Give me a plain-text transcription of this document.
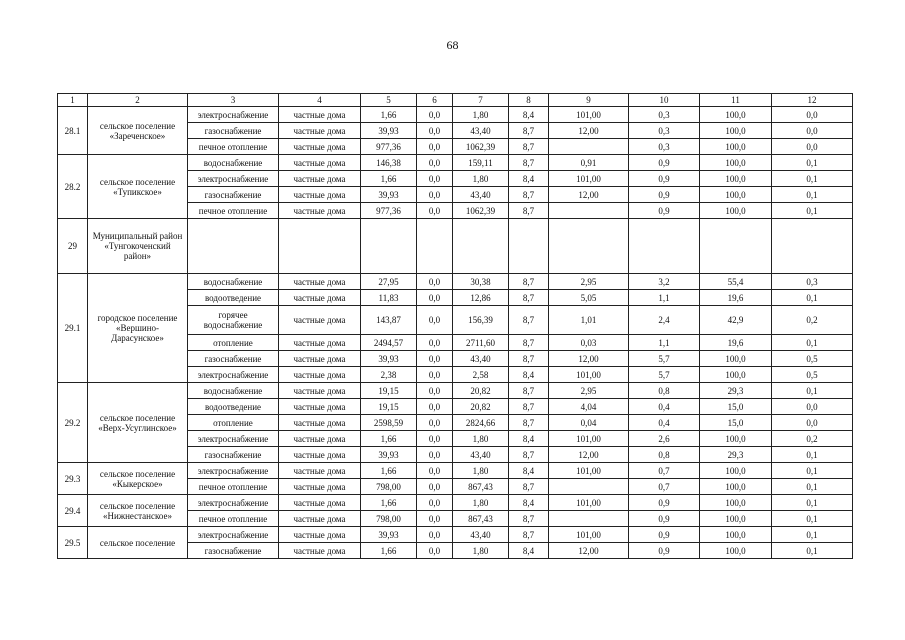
68
1	2	3	4	5	6	7	8	9	10	11	12
28.1	сельское поселение «Зареченское»	электроснабжение	частные дома	1,66	0,0	1,80	8,4	101,00	0,3	100,0	0,0
		газоснабжение	частные дома	39,93	0,0	43,40	8,7	12,00	0,3	100,0	0,0
		печное отопление	частные дома	977,36	0,0	1062,39	8,7		0,3	100,0	0,0
28.2	сельское поселение «Тупикское»	водоснабжение	частные дома	146,38	0,0	159,11	8,7	0,91	0,9	100,0	0,1
		электроснабжение	частные дома	1,66	0,0	1,80	8,4	101,00	0,9	100,0	0,1
		газоснабжение	частные дома	39,93	0,0	43,40	8,7	12,00	0,9	100,0	0,1
		печное отопление	частные дома	977,36	0,0	1062,39	8,7		0,9	100,0	0,1
29	Муниципальный район «Тунгокоченский район»										
29.1	городское поселение «Вершино-Дарасунское»	водоснабжение	частные дома	27,95	0,0	30,38	8,7	2,95	3,2	55,4	0,3
		водоотведение	частные дома	11,83	0,0	12,86	8,7	5,05	1,1	19,6	0,1
		горячее водоснабжение	частные дома	143,87	0,0	156,39	8,7	1,01	2,4	42,9	0,2
		отопление	частные дома	2494,57	0,0	2711,60	8,7	0,03	1,1	19,6	0,1
		газоснабжение	частные дома	39,93	0,0	43,40	8,7	12,00	5,7	100,0	0,5
		электроснабжение	частные дома	2,38	0,0	2,58	8,4	101,00	5,7	100,0	0,5
29.2	сельское поселение «Верх-Усуглинское»	водоснабжение	частные дома	19,15	0,0	20,82	8,7	2,95	0,8	29,3	0,1
		водоотведение	частные дома	19,15	0,0	20,82	8,7	4,04	0,4	15,0	0,0
		отопление	частные дома	2598,59	0,0	2824,66	8,7	0,04	0,4	15,0	0,0
		электроснабжение	частные дома	1,66	0,0	1,80	8,4	101,00	2,6	100,0	0,2
		газоснабжение	частные дома	39,93	0,0	43,40	8,7	12,00	0,8	29,3	0,1
29.3	сельское поселение «Кыкерское»	электроснабжение	частные дома	1,66	0,0	1,80	8,4	101,00	0,7	100,0	0,1
		печное отопление	частные дома	798,00	0,0	867,43	8,7		0,7	100,0	0,1
29.4	сельское поселение «Нижнестанское»	электроснабжение	частные дома	1,66	0,0	1,80	8,4	101,00	0,9	100,0	0,1
		печное отопление	частные дома	798,00	0,0	867,43	8,7		0,9	100,0	0,1
29.5	сельское поселение	электроснабжение	частные дома	39,93	0,0	43,40	8,7	101,00	0,9	100,0	0,1
		газоснабжение	частные дома	1,66	0,0	1,80	8,4	12,00	0,9	100,0	0,1
